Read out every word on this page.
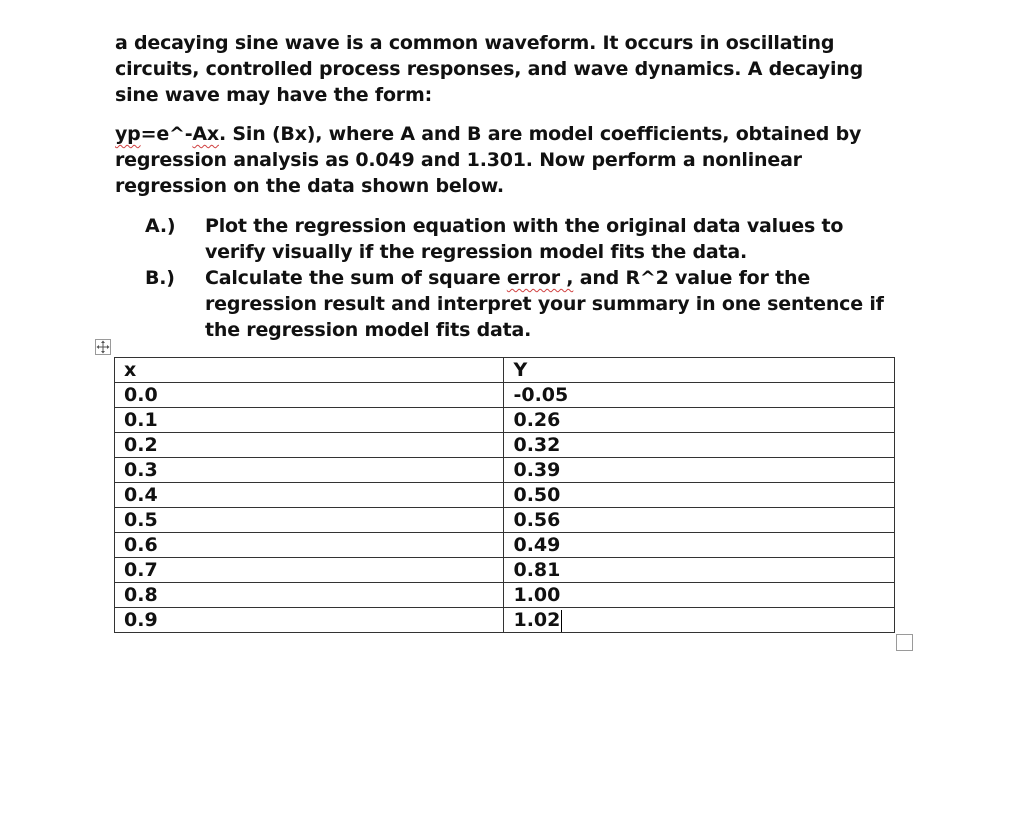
a decaying sine wave is a common waveform. It occurs in oscillating circuits, controlled process responses, and wave dynamics. A decaying sine wave may have the form:
yp=e^-Ax. Sin (Bx), where A and B are model coefficients, obtained by regression analysis as 0.049 and 1.301. Now perform a nonlinear regression on the data shown below.
A.)	Plot the regression equation with the original data values to verify visually if the regression model fits the data.
B.)	Calculate the sum of square error , and R^2 value for the regression result and interpret your summary in one sentence if the regression model fits data.
x	Y
0.0	-0.05
0.1	0.26
0.2	0.32
0.3	0.39
0.4	0.50
0.5	0.56
0.6	0.49
0.7	0.81
0.8	1.00
0.9	1.02
